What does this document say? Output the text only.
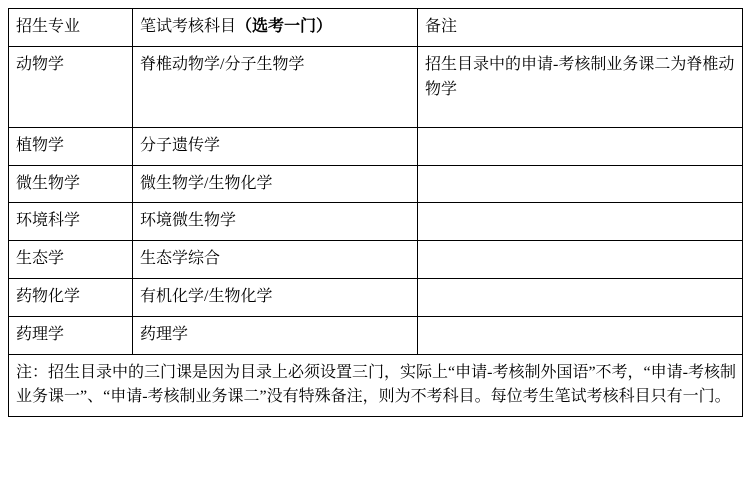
招生专业	笔试考核科目（选考一门）	备注
动物学	脊椎动物学/分子生物学	招生目录中的申请-考核制业务课二为脊椎动物学
植物学	分子遗传学	
微生物学	微生物学/生物化学	
环境科学	环境微生物学	
生态学	生态学综合	
药物化学	有机化学/生物化学	
药理学	药理学	
注：招生目录中的三门课是因为目录上必须设置三门，实际上“申请-考核制外国语”不考，“申请-考核制业务课一”、“申请-考核制业务课二”没有特殊备注，则为不考科目。每位考生笔试考核科目只有一门。		
